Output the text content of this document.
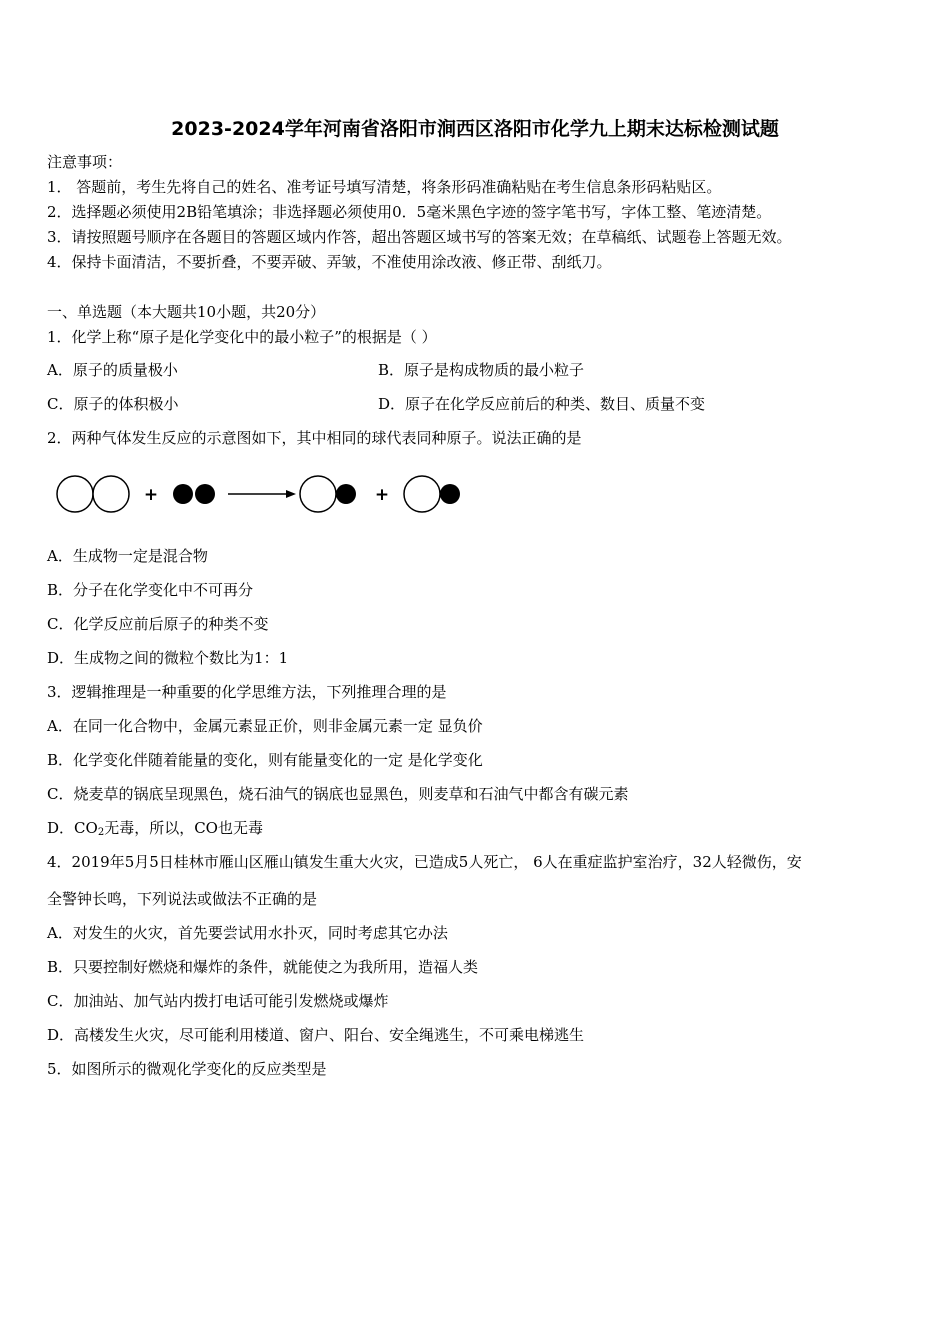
2023-2024学年河南省洛阳市涧西区洛阳市化学九上期末达标检测试题
注意事项：
1． 答题前，考生先将自己的姓名、准考证号填写清楚，将条形码准确粘贴在考生信息条形码粘贴区。
2．选择题必须使用2B铅笔填涂；非选择题必须使用0．5毫米黑色字迹的签字笔书写，字体工整、笔迹清楚。
3．请按照题号顺序在各题目的答题区域内作答，超出答题区域书写的答案无效；在草稿纸、试题卷上答题无效。
4．保持卡面清洁，不要折叠，不要弄破、弄皱，不准使用涂改液、修正带、刮纸刀。
一、单选题（本大题共10小题，共20分）
1．化学上称“原子是化学变化中的最小粒子”的根据是（ ）
A．原子的质量极小	B．原子是构成物质的最小粒子
C．原子的体积极小	D．原子在化学反应前后的种类、数目、质量不变
2．两种气体发生反应的示意图如下，其中相同的球代表同种原子。说法正确的是
+	+
A．生成物一定是混合物
B．分子在化学变化中不可再分
C．化学反应前后原子的种类不变
D．生成物之间的微粒个数比为1：1
3．逻辑推理是一种重要的化学思维方法，下列推理合理的是
A．在同一化合物中，金属元素显正价，则非金属元素一定 显负价
B．化学变化伴随着能量的变化，则有能量变化的一定 是化学变化
C．烧麦草的锅底呈现黑色，烧石油气的锅底也显黑色，则麦草和石油气中都含有碳元素
D．$CO_2$无毒，所以，CO也无毒
4．2019年5月5日桂林市雁山区雁山镇发生重大火灾，已造成5人死亡， 6人在重症监护室治疗，32人轻微伤，安
全警钟长鸣，下列说法或做法不正确的是
A．对发生的火灾，首先要尝试用水扑灭，同时考虑其它办法
B．只要控制好燃烧和爆炸的条件，就能使之为我所用，造福人类
C．加油站、加气站内拨打电话可能引发燃烧或爆炸
D．高楼发生火灾，尽可能利用楼道、窗户、阳台、安全绳逃生，不可乘电梯逃生
5．如图所示的微观化学变化的反应类型是
